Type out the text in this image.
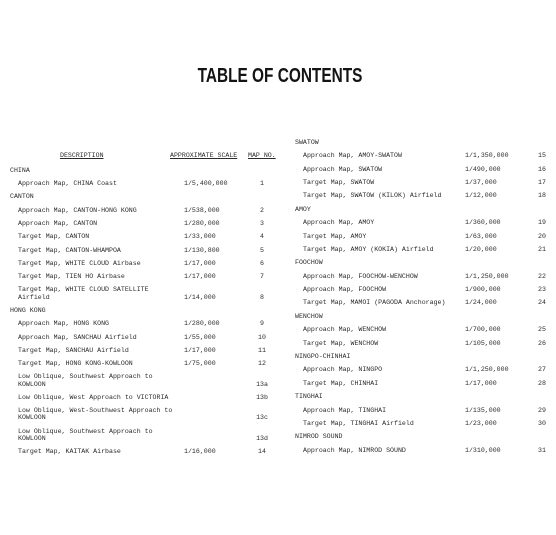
TABLE OF CONTENTS
DESCRIPTION	APPROXIMATE SCALE MAP NO.
CHINA
Approach Map, CHINA Coast	1/5,400,000	1
CANTON
Approach Map, CANTON-HONG KONG	1/538,000	2
Approach Map, CANTON	1/280,000	3
Target Map, CANTON	1/33,000	4
Target Map, CANTON-WHAMPOA	1/130,800	5
Target Map, WHITE CLOUD Airbase	1/17,000	6
Target Map, TIEN HO Airbase	1/17,000	7
Target Map, WHITE CLOUD SATELLITE Airfield	1/14,000	8
HONG KONG
Approach Map, HONG KONG	1/280,000	9
Approach Map, SANCHAU Airfield	1/55,000	10
Target Map, SANCHAU Airfield	1/17,000	11
Target Map, HONG KONG-KOWLOON	1/75,000	12
Low Oblique, Southwest Approach to KOWLOON	13a
Low Oblique, West Approach to VICTORIA	13b
Low Oblique, West-Southwest Approach to KOWLOON	13c
Low Oblique, Southwest Approach to KOWLOON	13d
Target Map, KAITAK Airbase	1/16,000	14
SWATOW
Approach Map, AMOY-SWATOW	1/1,350,000	15
Approach Map, SWATOW	1/490,000	16
Target Map, SWATOW	1/37,000	17
Target Map, SWATOW (KILOK) Airfield	1/12,000	18
AMOY
Approach Map, AMOY	1/360,000	19
Target Map, AMOY	1/63,000	20
Target Map, AMOY (KOKIA) Airfield	1/20,000	21
FOOCHOW
Approach Map, FOOCHOW-WENCHOW	1/1,250,000	22
Approach Map, FOOCHOW	1/900,000	23
Target Map, MAMOI (PAGODA Anchorage)	1/24,000	24
WENCHOW
Approach Map, WENCHOW	1/700,000	25
Target Map, WENCHOW	1/105,000	26
NINGPO-CHINHAI
Approach Map, NINGPO	1/1,250,000	27
Target Map, CHINHAI	1/17,000	28
TINGHAI
Approach Map, TINGHAI	1/135,000	29
Target Map, TINGHAI Airfield	1/23,000	30
NIMROD SOUND
Approach Map, NIMROD SOUND	1/310,000	31
